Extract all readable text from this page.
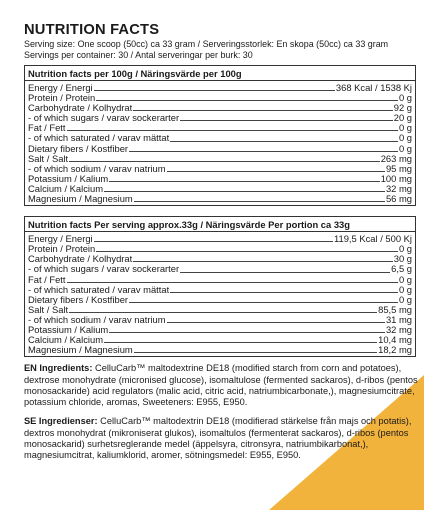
NUTRITION FACTS
Serving size: One scoop (50cc) ca 33 gram / Serveringsstorlek: En skopa (50cc) ca 33 gram
Servings per container: 30 / Antal serveringar per burk: 30
Nutrition facts per 100g / Näringsvärde per 100g

Energy / Energi	368 Kcal / 1538 Kj

Protein / Protein	0 g

Carbohydrate / Kolhydrat	92 g

- of which sugars / varav sockerarter	20 g

Fat / Fett	0 g

- of which saturated / varav mättat	0 g

Dietary fibers / Kostfiber	0 g

Salt / Salt	263 mg

- of which sodium / varav natrium	95 mg

Potassium / Kalium	100 mg

Calcium / Kalcium	32 mg

Magnesium / Magnesium	56 mg
Nutrition facts Per serving approx.33g / Näringsvärde Per portion ca 33g

Energy / Energi	119,5 Kcal / 500 Kj

Protein / Protein	0 g

Carbohydrate / Kolhydrat	30 g

- of which sugars / varav sockerarter	6,5 g

Fat / Fett	0 g

- of which saturated / varav mättat	0 g

Dietary fibers / Kostfiber	0 g

Salt / Salt	85,5 mg

- of which sodium / varav natrium	31 mg

Potassium / Kalium	32 mg

Calcium / Kalcium	10,4 mg

Magnesium / Magnesium	18,2 mg
EN Ingredients: CelluCarb™ maltodextrine DE18 (modified starch from corn and potatoes), dextrose monohydrate (micronised glucose), isomaltulose (fermented sackaros), d-ribos (pentos monosackaride) acid regulators (malic acid, citric acid, natriumbicarbonate,), magnesiumcitrate, potassium chloride, aromas, Sweeteners: E955, E950.
SE Ingredienser: CelluCarb™ maltodextrin DE18 (modifierad stärkelse från majs och potatis), dextros monohydrat (mikroniserat glukos), isomaltulos (fermenterat sackaros), d-ribos (pentos monosackarid) surhetsreglerande medel (äppelsyra, citronsyra, natriumbikarbonat,), magnesiumcitrat, kaliumklorid, aromer, sötningsmedel: E955, E950.
